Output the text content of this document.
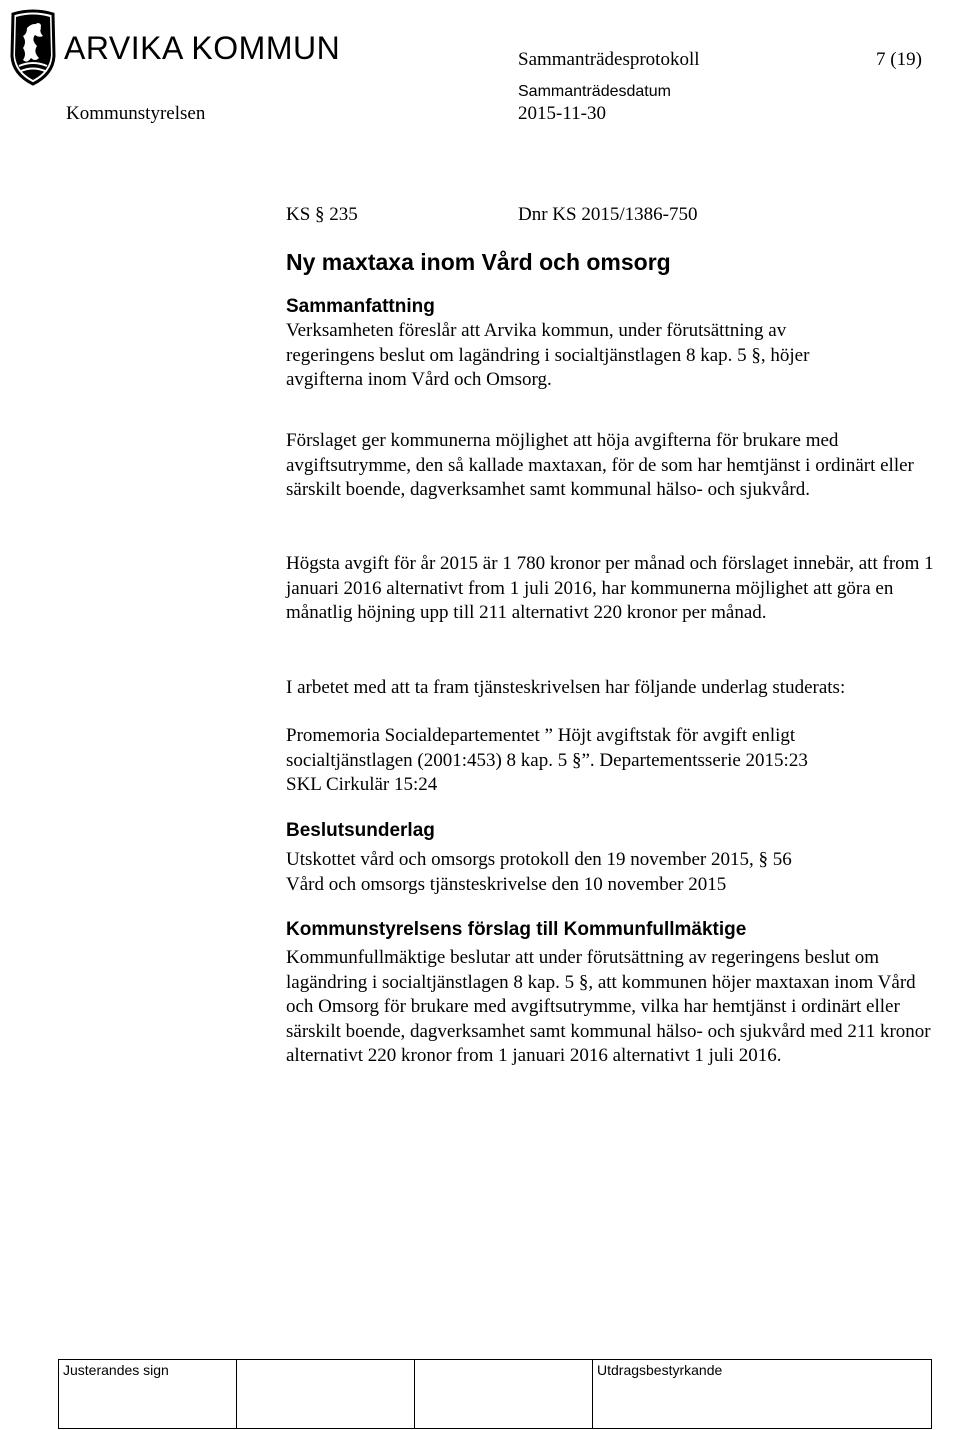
ARVIKA KOMMUN	Sammanträdesprotokoll	7 (19)
Kommunstyrelsen
Sammanträdesdatum
2015-11-30
KS § 235	Dnr KS 2015/1386-750
Ny maxtaxa inom Vård och omsorg
Sammanfattning
Verksamheten föreslår att Arvika kommun, under förutsättning av regeringens beslut om lagändring i socialtjänstlagen 8 kap. 5 §, höjer avgifterna inom Vård och Omsorg.
Förslaget ger kommunerna möjlighet att höja avgifterna för brukare med avgiftsutrymme, den så kallade maxtaxan, för de som har hemtjänst i ordinärt eller särskilt boende, dagverksamhet samt kommunal hälso- och sjukvård.
Högsta avgift för år 2015 är 1 780 kronor per månad och förslaget innebär, att from 1 januari 2016 alternativt from 1 juli 2016, har kommunerna möjlighet att göra en månatlig höjning upp till 211 alternativt 220 kronor per månad.
I arbetet med att ta fram tjänsteskrivelsen har följande underlag studerats:
Promemoria Socialdepartementet ” Höjt avgiftstak för avgift enligt socialtjänstlagen (2001:453) 8 kap. 5 §”. Departementsserie 2015:23
SKL Cirkulär 15:24
Beslutsunderlag
Utskottet vård och omsorgs protokoll den 19 november 2015, § 56
Vård och omsorgs tjänsteskrivelse den 10 november 2015
Kommunstyrelsens förslag till Kommunfullmäktige
Kommunfullmäktige beslutar att under förutsättning av regeringens beslut om lagändring i socialtjänstlagen 8 kap. 5 §, att kommunen höjer maxtaxan inom Vård och Omsorg för brukare med avgiftsutrymme, vilka har hemtjänst i ordinärt eller särskilt boende, dagverksamhet samt kommunal hälso- och sjukvård med 211 kronor alternativt 220 kronor from 1 januari 2016 alternativt 1 juli 2016.
Justerandes sign	Utdragsbestyrkande
